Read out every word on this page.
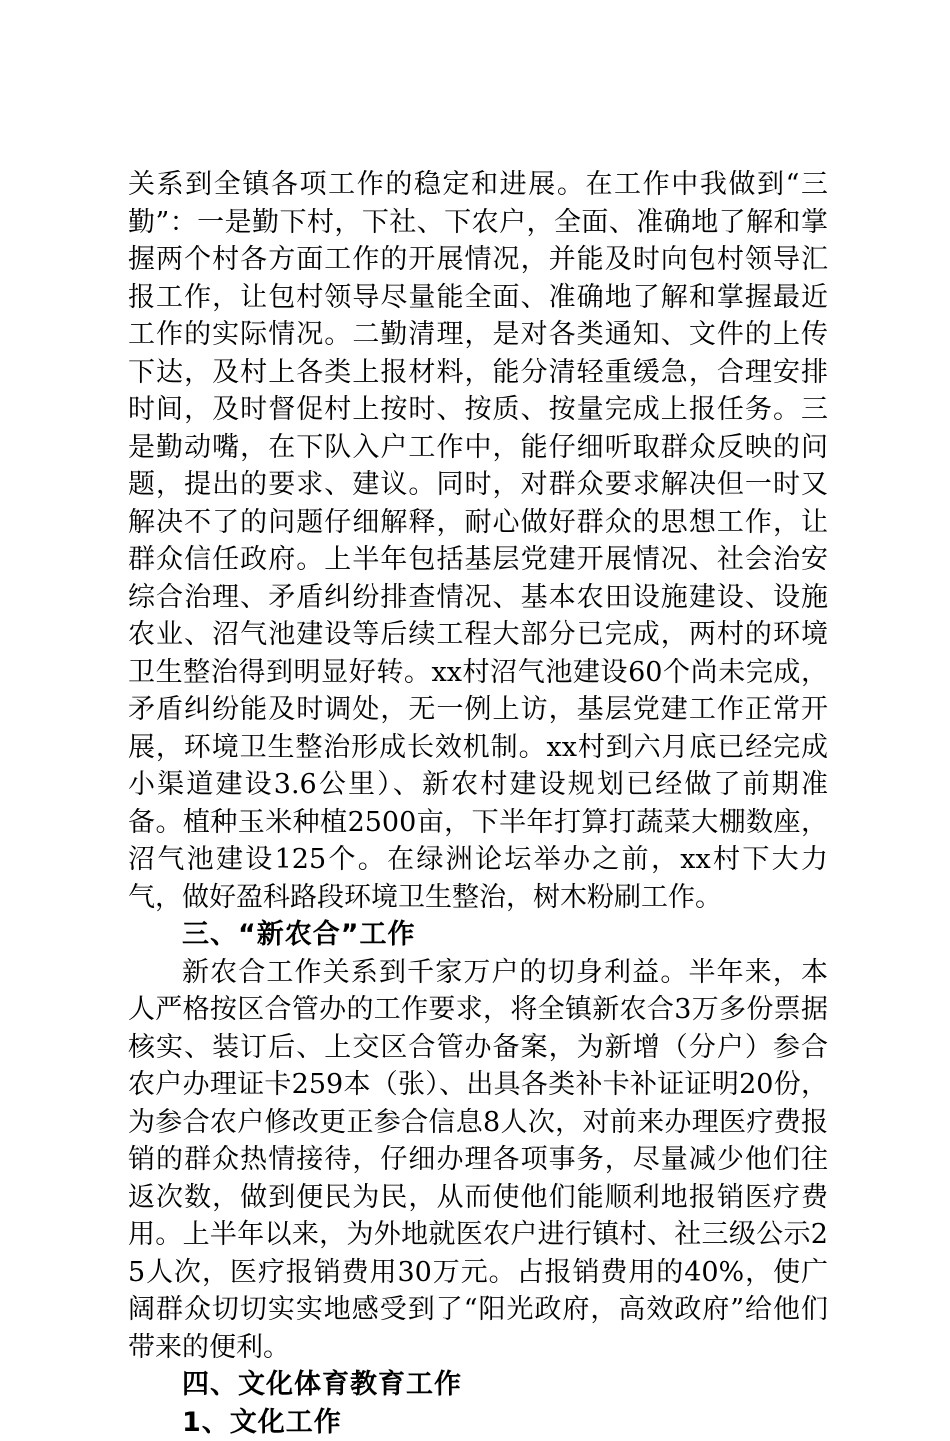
关系到全镇各项工作的稳定和进展。在工作中我做到“三勤”：一是勤下村，下社、下农户，全面、准确地了解和掌握两个村各方面工作的开展情况，并能及时向包村领导汇报工作，让包村领导尽量能全面、准确地了解和掌握最近工作的实际情况。二勤清理，是对各类通知、文件的上传下达，及村上各类上报材料，能分清轻重缓急，合理安排时间，及时督促村上按时、按质、按量完成上报任务。三是勤动嘴，在下队入户工作中，能仔细听取群众反映的问题，提出的要求、建议。同时，对群众要求解决但一时又解决不了的问题仔细解释，耐心做好群众的思想工作，让群众信任政府。上半年包括基层党建开展情况、社会治安综合治理、矛盾纠纷排查情况、基本农田设施建设、设施农业、沼气池建设等后续工程大部分已完成，两村的环境卫生整治得到明显好转。xx村沼气池建设60个尚未完成，矛盾纠纷能及时调处，无一例上访，基层党建工作正常开展，环境卫生整治形成长效机制。xx村到六月底已经完成小渠道建设3.6公里）、新农村建设规划已经做了前期准备。植种玉米种植2500亩，下半年打算打蔬菜大棚数座，沼气池建设125个。在绿洲论坛举办之前，xx村下大力气，做好盈科路段环境卫生整治，树木粉刷工作。

三、“新农合”工作

新农合工作关系到千家万户的切身利益。半年来，本人严格按区合管办的工作要求，将全镇新农合3万多份票据核实、装订后、上交区合管办备案，为新增（分户）参合农户办理证卡259本（张）、出具各类补卡补证证明20份，为参合农户修改更正参合信息8人次，对前来办理医疗费报销的群众热情接待，仔细办理各项事务，尽量减少他们往返次数，做到便民为民，从而使他们能顺利地报销医疗费用。上半年以来，为外地就医农户进行镇村、社三级公示25人次，医疗报销费用30万元。占报销费用的40%，使广阔群众切切实实地感受到了“阳光政府，高效政府”给他们带来的便利。

四、文化体育教育工作

1、文化工作
